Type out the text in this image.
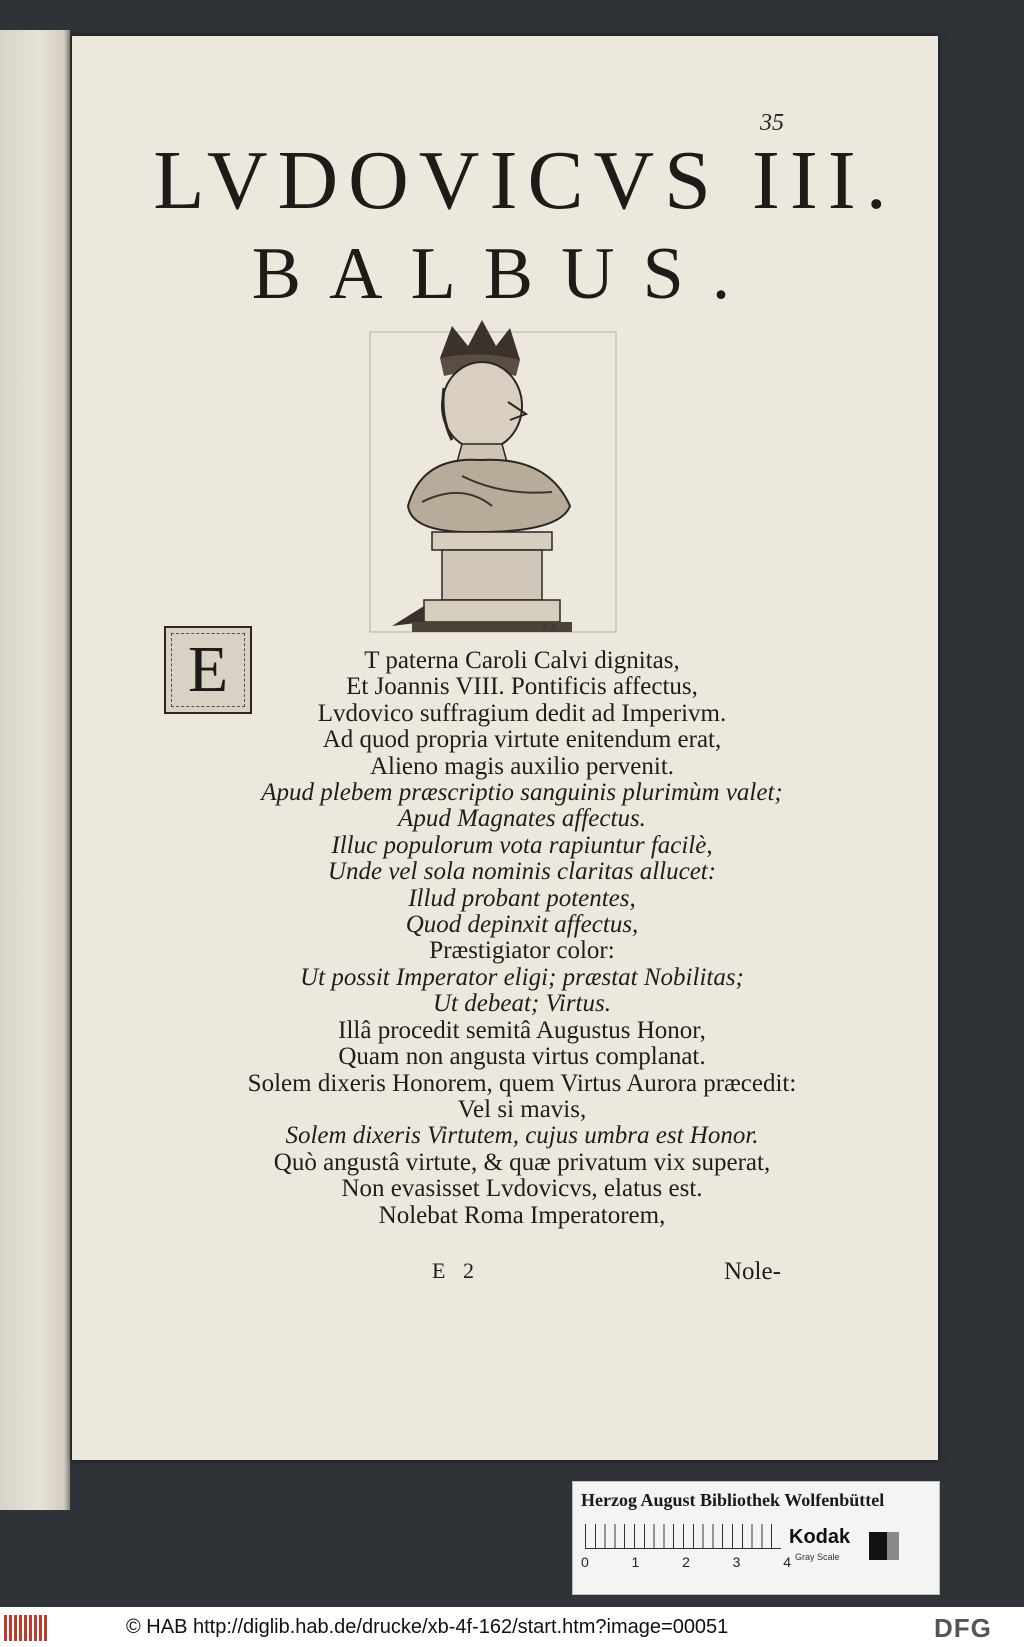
35
LVDOVICVS III.
BALBUS.
S.B.
E	T paterna Caroli Calvi dignitas,
Et Joannis VIII. Pontificis affectus,
Lvdovico suffragium dedit ad Imperivm.
Ad quod propria virtute enitendum erat,
Alieno magis auxilio pervenit.
Apud plebem præscriptio sanguinis plurimùm valet;
Apud Magnates affectus.
Illuc populorum vota rapiuntur facilè,
Unde vel sola nominis claritas allucet:
Illud probant potentes,
Quod depinxit affectus,
Præstigiator color:
Ut possit Imperator eligi; præstat Nobilitas;
Ut debeat; Virtus.
Illâ procedit semitâ Augustus Honor,
Quam non angusta virtus complanat.
Solem dixeris Honorem, quem Virtus Aurora præcedit:
Vel si mavis,
Solem dixeris Virtutem, cujus umbra est Honor.
Quò angustâ virtute, & quæ privatum vix superat,
Non evasisset Lvdovicvs, elatus est.
Nolebat Roma Imperatorem,
E 2	Nole-
Herzog August Bibliothek Wolfenbüttel
0	1	2	3	4
Kodak
Gray Scale
© HAB http://diglib.hab.de/drucke/xb-4f-162/start.htm?image=00051	DFG
